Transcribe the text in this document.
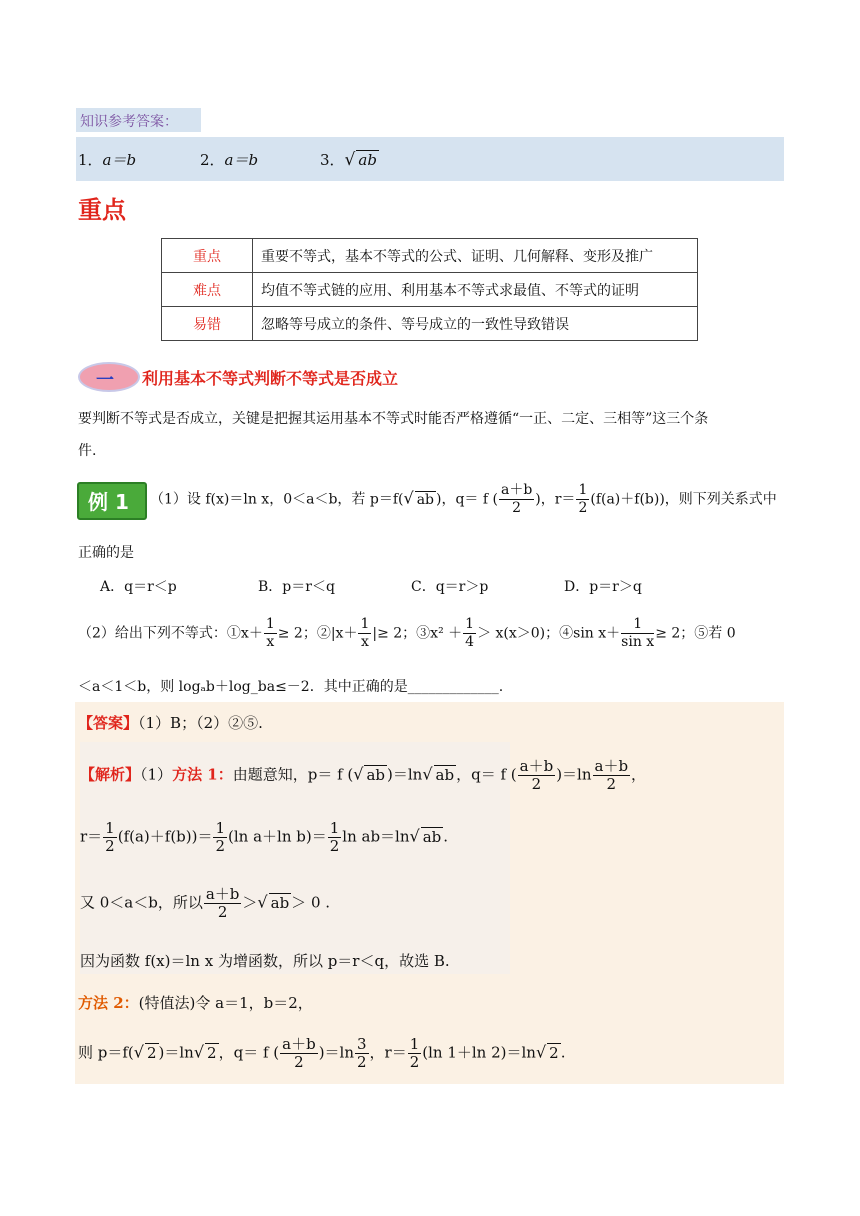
知识参考答案：
1．a＝b	2．a＝b	3．√ ab
重点
重点	重要不等式，基本不等式的公式、证明、几何解释、变形及推广
难点	均值不等式链的应用、利用基本不等式求最值、不等式的证明
易错	忽略等号成立的条件、等号成立的一致性导致错误
一 利用基本不等式判断不等式是否成立
要判断不等式是否成立，关键是把握其运用基本不等式时能否严格遵循“一正、二定、三相等”这三个条
件.
例 1 （1）设 f(x)＝ln x，0＜a＜b，若 p＝f(√ ab )，q＝ f ( $\frac{a+b}{2}$ )，$r= \frac{1}{2} (f(a)+f(b))$，则下列关系式中
正确的是
A．q＝r＜p	B．p＝r＜q	C．q＝r＞p	D．p＝r＞q
（2）给出下列不等式：①x＋ $\frac{1}{x} \ge 2$；②|x＋ $\frac{1}{x}$ |≥ 2；③x² ＋ $\frac{1}{4} > x(x>0)$；④sin $x+ \frac{1}{\text{sin x}} \ge 2$；⑤若 0
＜a＜1＜b，则 logₐb＋log_ba≤－2．其中正确的是_____________.
【答案】（1）B；（2）②⑤.
【解析】（1）方法 1：由题意知，p＝ f (√ ab )＝ln√ ab ，q＝ f ( $\frac{a+b}{2} )=\ln \frac{a+b}{2}$ ，
$r= \frac{1}{2} (f(a)+f(b))= \frac{1}{2} (\ln$ a＋ln $b)= \frac{1}{2}$ ln ab＝ln√ ab .
又 0＜a＜b，所以 $\frac{a+b}{2}$ ＞√ ab ＞ 0 .
因为函数 f(x)＝ln x 为增函数，所以 p＝r＜q，故选 B.
方法 2：(特值法)令 a＝1，b＝2，
则 p＝f(√ 2 )＝ln√ 2 ，q＝ f ( $\frac{a+b}{2} )=\ln \frac{3}{2}$ ，$r= \frac{1}{2} (\ln$ 1＋ln 2)＝ln√ 2 .
